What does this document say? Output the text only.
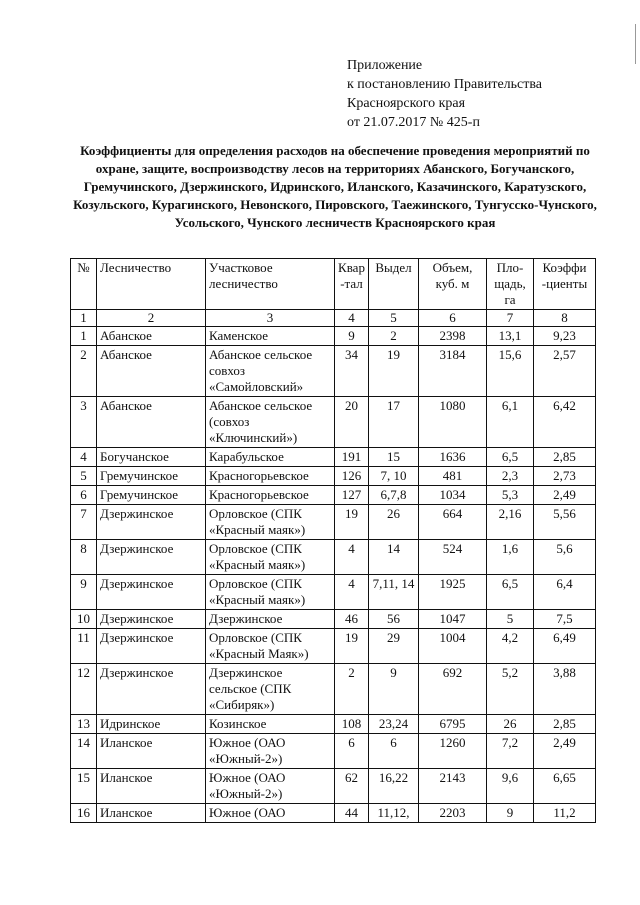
Приложение
к постановлению Правительства
Красноярского края
от 21.07.2017 № 425-п
Коэффициенты для определения расходов на обеспечение проведения мероприятий по охране, защите, воспроизводству лесов на территориях Абанского, Богучанского, Гремучинского, Дзержинского, Идринского, Иланского, Казачинского, Каратузского, Козульского, Курагинского, Невонского, Пировского, Таежинского, Тунгусско-Чунского, Усольского, Чунского лесничеств Красноярского края
№	Лесничество	Участковое лесничество	Квар -тал	Выдел	Объем, куб. м	Пло- щадь, га	Коэффи -циенты
1	2	3	4	5	6	7	8
1	Абанское	Каменское	9	2	2398	13,1	9,23
2	Абанское	Абанское сельское совхоз «Самойловский»	34	19	3184	15,6	2,57
3	Абанское	Абанское сельское (совхоз «Ключинский»)	20	17	1080	6,1	6,42
4	Богучанское	Карабульское	191	15	1636	6,5	2,85
5	Гремучинское	Красногорьевское	126	7, 10	481	2,3	2,73
6	Гремучинское	Красногорьевское	127	6,7,8	1034	5,3	2,49
7	Дзержинское	Орловское (СПК «Красный маяк»)	19	26	664	2,16	5,56
8	Дзержинское	Орловское (СПК «Красный маяк»)	4	14	524	1,6	5,6
9	Дзержинское	Орловское (СПК «Красный маяк»)	4	7,11, 14	1925	6,5	6,4
10	Дзержинское	Дзержинское	46	56	1047	5	7,5
11	Дзержинское	Орловское (СПК «Красный Маяк»)	19	29	1004	4,2	6,49
12	Дзержинское	Дзержинское сельское (СПК «Сибиряк»)	2	9	692	5,2	3,88
13	Идринское	Козинское	108	23,24	6795	26	2,85
14	Иланское	Южное (ОАО «Южный-2»)	6	6	1260	7,2	2,49
15	Иланское	Южное (ОАО «Южный-2»)	62	16,22	2143	9,6	6,65
16	Иланское	Южное (ОАО	44	11,12,	2203	9	11,2
